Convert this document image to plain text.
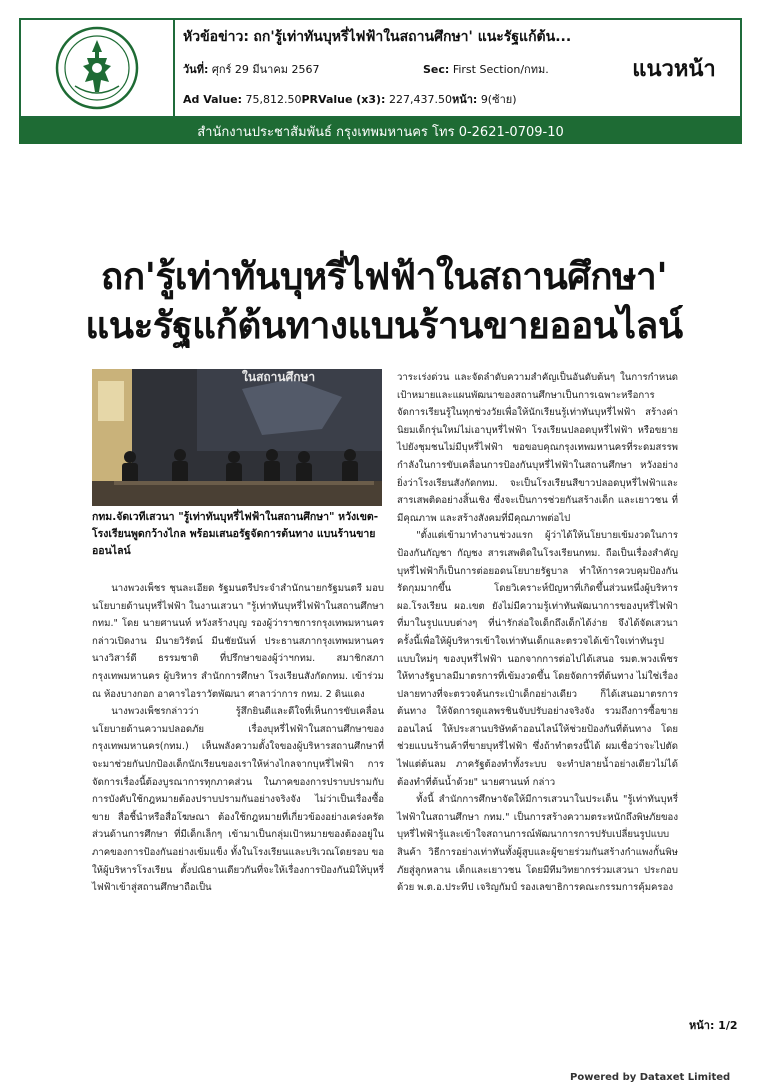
หัวข้อข่าว: ถก'รู้เท่าทันบุหรี่ไฟฟ้าในสถานศึกษา' แนะรัฐแก้ต้น...
วันที่: ศุกร์ 29 มีนาคม 2567	Sec: First Section/กทม.
Ad Value: 75,812.50PRValue (x3): 227,437.50หน้า: 9(ซ้าย)
แนวหน้า
สำนักงานประชาสัมพันธ์ กรุงเทพมหานคร โทร 0-2621-0709-10
ถก'รู้เท่าทันบุหรี่ไฟฟ้าในสถานศึกษา'
แนะรัฐแก้ต้นทางแบนร้านขายออนไลน์
ในสถานศึกษา
กทม.จัดเวทีเสวนา "รู้เท่าทันบุหรี่ไฟฟ้าในสถานศึกษา" หวังเขต-โรงเรียนพูดกว้างไกล พร้อมเสนอรัฐจัดการต้นทาง แบนร้านขายออนไลน์

นางพวงเพ็ชร ชุนละเอียด รัฐมนตรีประจำสำนักนายกรัฐมนตรี มอบนโยบายด้านบุหรี่ไฟฟ้า ในงานเสวนา "รู้เท่าทันบุหรี่ไฟฟ้าในสถานศึกษา กทม." โดย นายศานนท์ หวังสร้างบุญ รองผู้ว่าราชการกรุงเทพมหานคร กล่าวเปิดงาน มีนายวิรัตน์ มีนชัยนันท์ ประธานสภากรุงเทพมหานคร นางวิสาร์ดี ธรรมชาติ ที่ปรึกษาของผู้ว่าฯกทม. สมาชิกสภากรุงเทพมหานคร ผู้บริหาร สำนักการศึกษา โรงเรียนสังกัดกทม. เข้าร่วม ณ ห้องบางกอก อาคารไอราวัตพัฒนา ศาลาว่าการ กทม. 2 ดินแดง

นางพวงเพ็ชรกล่าวว่า รู้สึกยินดีและดีใจที่เห็นการขับเคลื่อนนโยบายด้านความปลอดภัย เรื่องบุหรี่ไฟฟ้าในสถานศึกษาของกรุงเทพมหานคร(กทม.) เห็นพลังความตั้งใจของผู้บริหารสถานศึกษาที่จะมาช่วยกันปกป้องเด็กนักเรียนของเราให้ห่างไกลจากบุหรี่ไฟฟ้า การจัดการเรื่องนี้ต้องบูรณาการทุกภาคส่วน ในภาคของการปราบปรามกับการบังคับใช้กฎหมายต้องปราบปรามกันอย่างจริงจัง ไม่ว่าเป็นเรื่องซื้อ ขาย สื่อชี้นำหรือสื่อโฆษณา ต้องใช้กฎหมายที่เกี่ยวข้องอย่างเคร่งครัด ส่วนด้านการศึกษา ที่มีเด็กเล็กๆ เข้ามาเป็นกลุ่มเป้าหมายของต้องอยู่ในภาคของการป้องกันอย่างเข้มแข็ง ทั้งในโรงเรียนและบริเวณโดยรอบ ขอให้ผู้บริหารโรงเรียน ตั้งปณิธานเดียวกันที่จะให้เรื่องการป้องกันมิให้บุหรี่ไฟฟ้าเข้าสู่สถานศึกษาถือเป็น

วาระเร่งด่วน และจัดลำดับความสำคัญเป็นอันดับต้นๆ ในการกำหนดเป้าหมายและแผนพัฒนาของสถานศึกษาเป็นการเฉพาะหรือการจัดการเรียนรู้ในทุกช่วงวัยเพื่อให้นักเรียนรู้เท่าทันบุหรี่ไฟฟ้า สร้างค่านิยมเด็กรุ่นใหม่ไม่เอาบุหรี่ไฟฟ้า โรงเรียนปลอดบุหรี่ไฟฟ้า หรือขยายไปยังชุมชนไม่มีบุหรี่ไฟฟ้า ขอขอบคุณกรุงเทพมหานครที่ระดมสรรพกำลังในการขับเคลื่อนการป้องกันบุหรี่ไฟฟ้าในสถานศึกษา หวังอย่างยิ่งว่าโรงเรียนสังกัดกทม. จะเป็นโรงเรียนสีขาวปลอดบุหรี่ไฟฟ้าและสารเสพติดอย่างสิ้นเชิง ซึ่งจะเป็นการช่วยกันสร้างเด็ก และเยาวชน ที่มีคุณภาพ และสร้างสังคมที่มีคุณภาพต่อไป

"ตั้งแต่เข้ามาทำงานช่วงแรก ผู้ว่าได้ให้นโยบายเข้มงวดในการป้องกันกัญชา กัญชง สารเสพติดในโรงเรียนกทม. ถือเป็นเรื่องสำคัญ บุหรี่ไฟฟ้าก็เป็นการต่อยอดนโยบายรัฐบาล ทำให้การควบคุมป้องกันรัดกุมมากขึ้น โดยวิเคราะห์ปัญหาที่เกิดขึ้นส่วนหนึ่งผู้บริหาร ผอ.โรงเรียน ผอ.เขต ยังไม่มีความรู้เท่าทันพัฒนาการของบุหรี่ไฟฟ้าที่มาในรูปแบบต่างๆ ที่น่ารักล่อใจเด็กถึงเด็กได้ง่าย จึงได้จัดเสวนาครั้งนี้เพื่อให้ผู้บริหารเข้าใจเท่าทันเด็กและตรวจได้เข้าใจเท่าทันรูปแบบใหม่ๆ ของบุหรี่ไฟฟ้า นอกจากการต่อไปได้เสนอ รมต.พวงเพ็ชร ให้ทางรัฐบาลมีมาตรการที่เข้มงวดขึ้น โดยจัดการที่ต้นทาง ไม่ใช่เรื่องปลายทางที่จะตรวจค้นกระเป๋าเด็กอย่างเดียว ก็ได้เสนอมาตรการต้นทาง ให้จัดการดูแลพรชินจับปรับอย่างจริงจัง รวมถึงการซื้อขายออนไลน์ ให้ประสานบริษัทค้าออนไลน์ให้ช่วยป้องกันที่ต้นทาง โดยช่วยแบนร้านค้าที่ขายบุหรี่ไฟฟ้า ซึ่งถ้าทำตรงนี้ได้ ผมเชื่อว่าจะไปตัดไฟแต่ต้นลม ภาครัฐต้องทำทั้งระบบ จะทำปลายน้ำอย่างเดียวไม่ได้ต้องทำที่ต้นน้ำด้วย" นายศานนท์ กล่าว

ทั้งนี้ สำนักการศึกษาจัดให้มีการเสวนาในประเด็น "รู้เท่าทันบุหรี่ไฟฟ้าในสถานศึกษา กทม." เป็นการสร้างความตระหนักถึงพิษภัยของบุหรี่ไฟฟ้ารู้และเข้าใจสถานการณ์พัฒนาการการปรับเปลี่ยนรูปแบบสินค้า วิธีการอย่างเท่าทันทั้งผู้สูบและผู้ขายร่วมกันสร้างกำแพงกั้นพิษภัยสู่ลูกหลาน เด็กและเยาวชน โดยมีทีมวิทยากรร่วมเสวนา ประกอบด้วย พ.ต.อ.ประทีป เจริญกัมป์ รองเลขาธิการคณะกรรมการคุ้มครอง

หน้า: 1/2
Powered by Dataxet Limited
